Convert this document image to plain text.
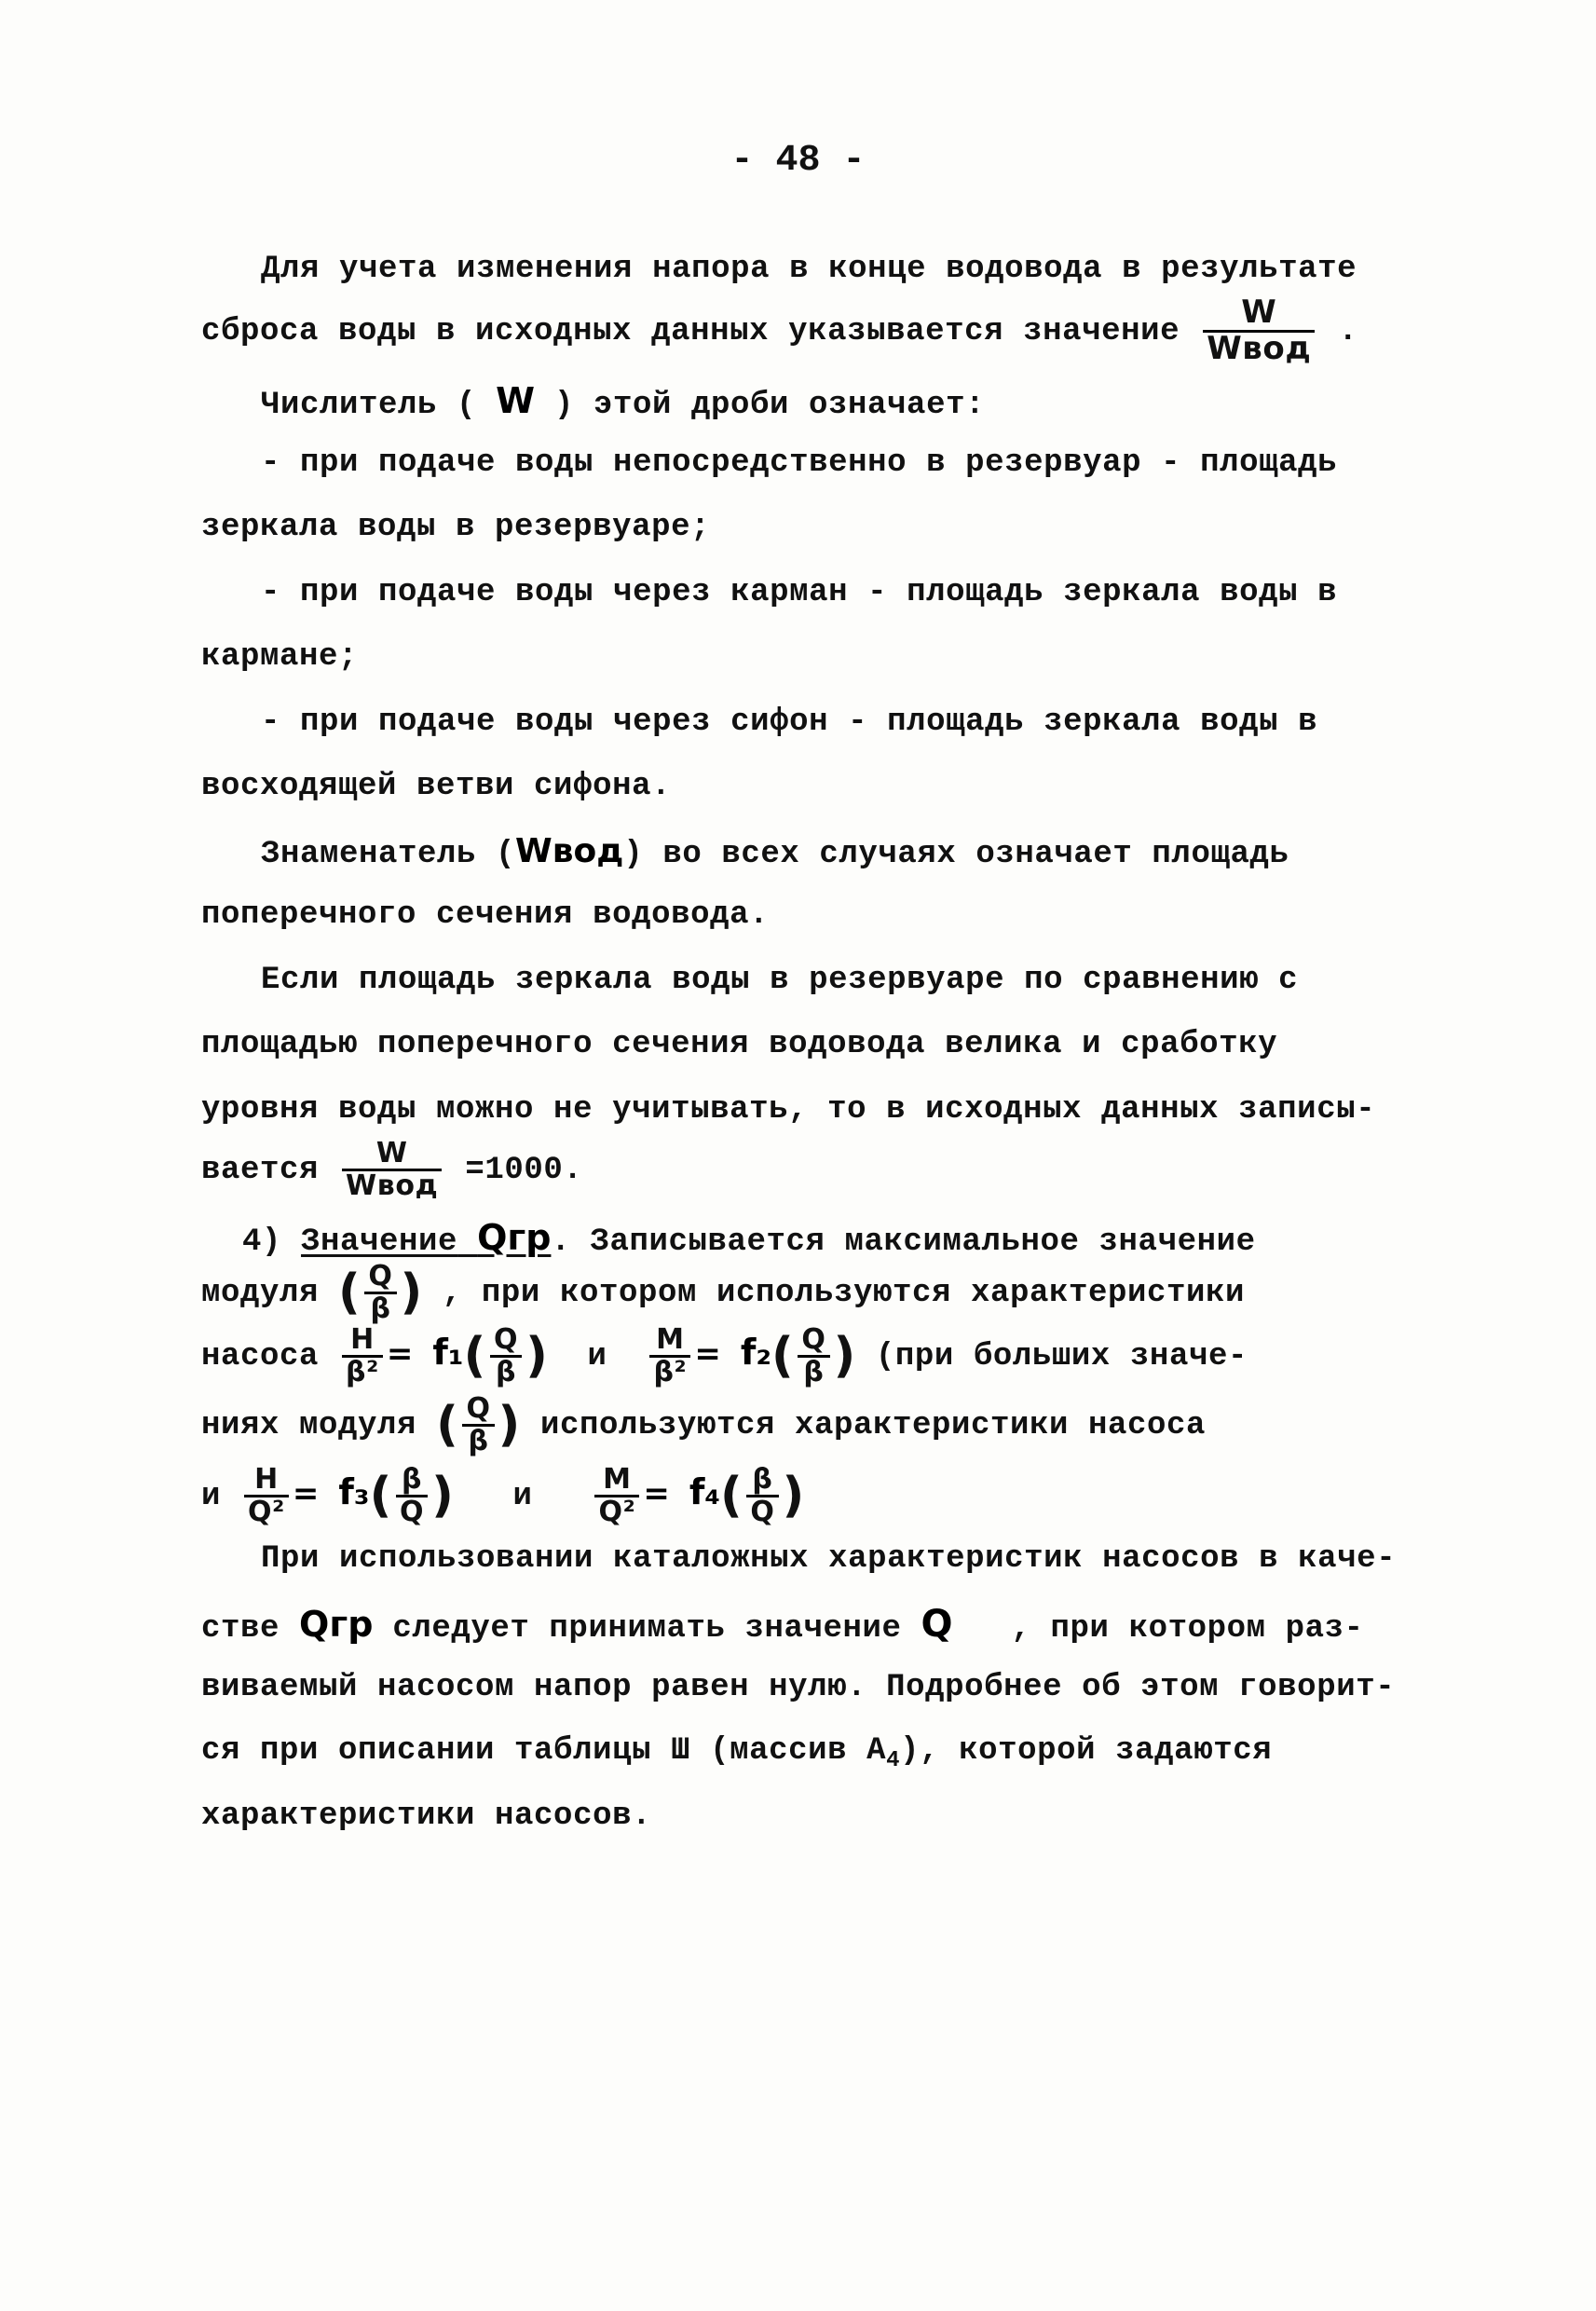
- 48 -
Для учета изменения напора в конце водовода в результате
сброса воды в исходных данных указывается значение $\frac{W}{\text{Wвод}}$ .
Числитель ( W ) этой дроби означает:
- при подаче воды непосредственно в резервуар - площадь
зеркала воды в резервуаре;
- при подаче воды через карман - площадь зеркала воды в
кармане;
- при подаче воды через сифон - площадь зеркала воды в
восходящей ветви сифона.
Знаменатель (Wвод) во всех случаях означает площадь
поперечного сечения водовода.
Если площадь зеркала воды в резервуаре по сравнению с
площадью поперечного сечения водовода велика и сработку
уровня воды можно не учитывать, то в исходных данных записы-
вается $\frac{W}{\text{Wвод}} =1000$.
4) Значение Qгр. Записывается максимальное значение
модуля ( $\frac{Q}{\beta}$ ) , при котором используются характеристики
насоса $\frac{H}{\text{β²}} = f_1( \frac{Q}{\beta}$ ) и $\frac{M}{\text{β²}} = f_2( \frac{Q}{\beta}$ ) (при больших значе-
ниях модуля ( $\frac{Q}{\beta}$ ) используются характеристики насоса
и $\frac{H}{\text{Q²}} = f_3( \frac{\beta}{Q}$ ) и $\frac{M}{\text{Q²}} = f_4( \frac{\beta}{Q}$ )
При использовании каталожных характеристик насосов в каче-
стве Qгр следует принимать значение Q , при котором раз-
виваемый насосом напор равен нулю. Подробнее об этом говорит-
ся при описании таблицы Ш (массив $А_4$), которой задаются
характеристики насосов.
